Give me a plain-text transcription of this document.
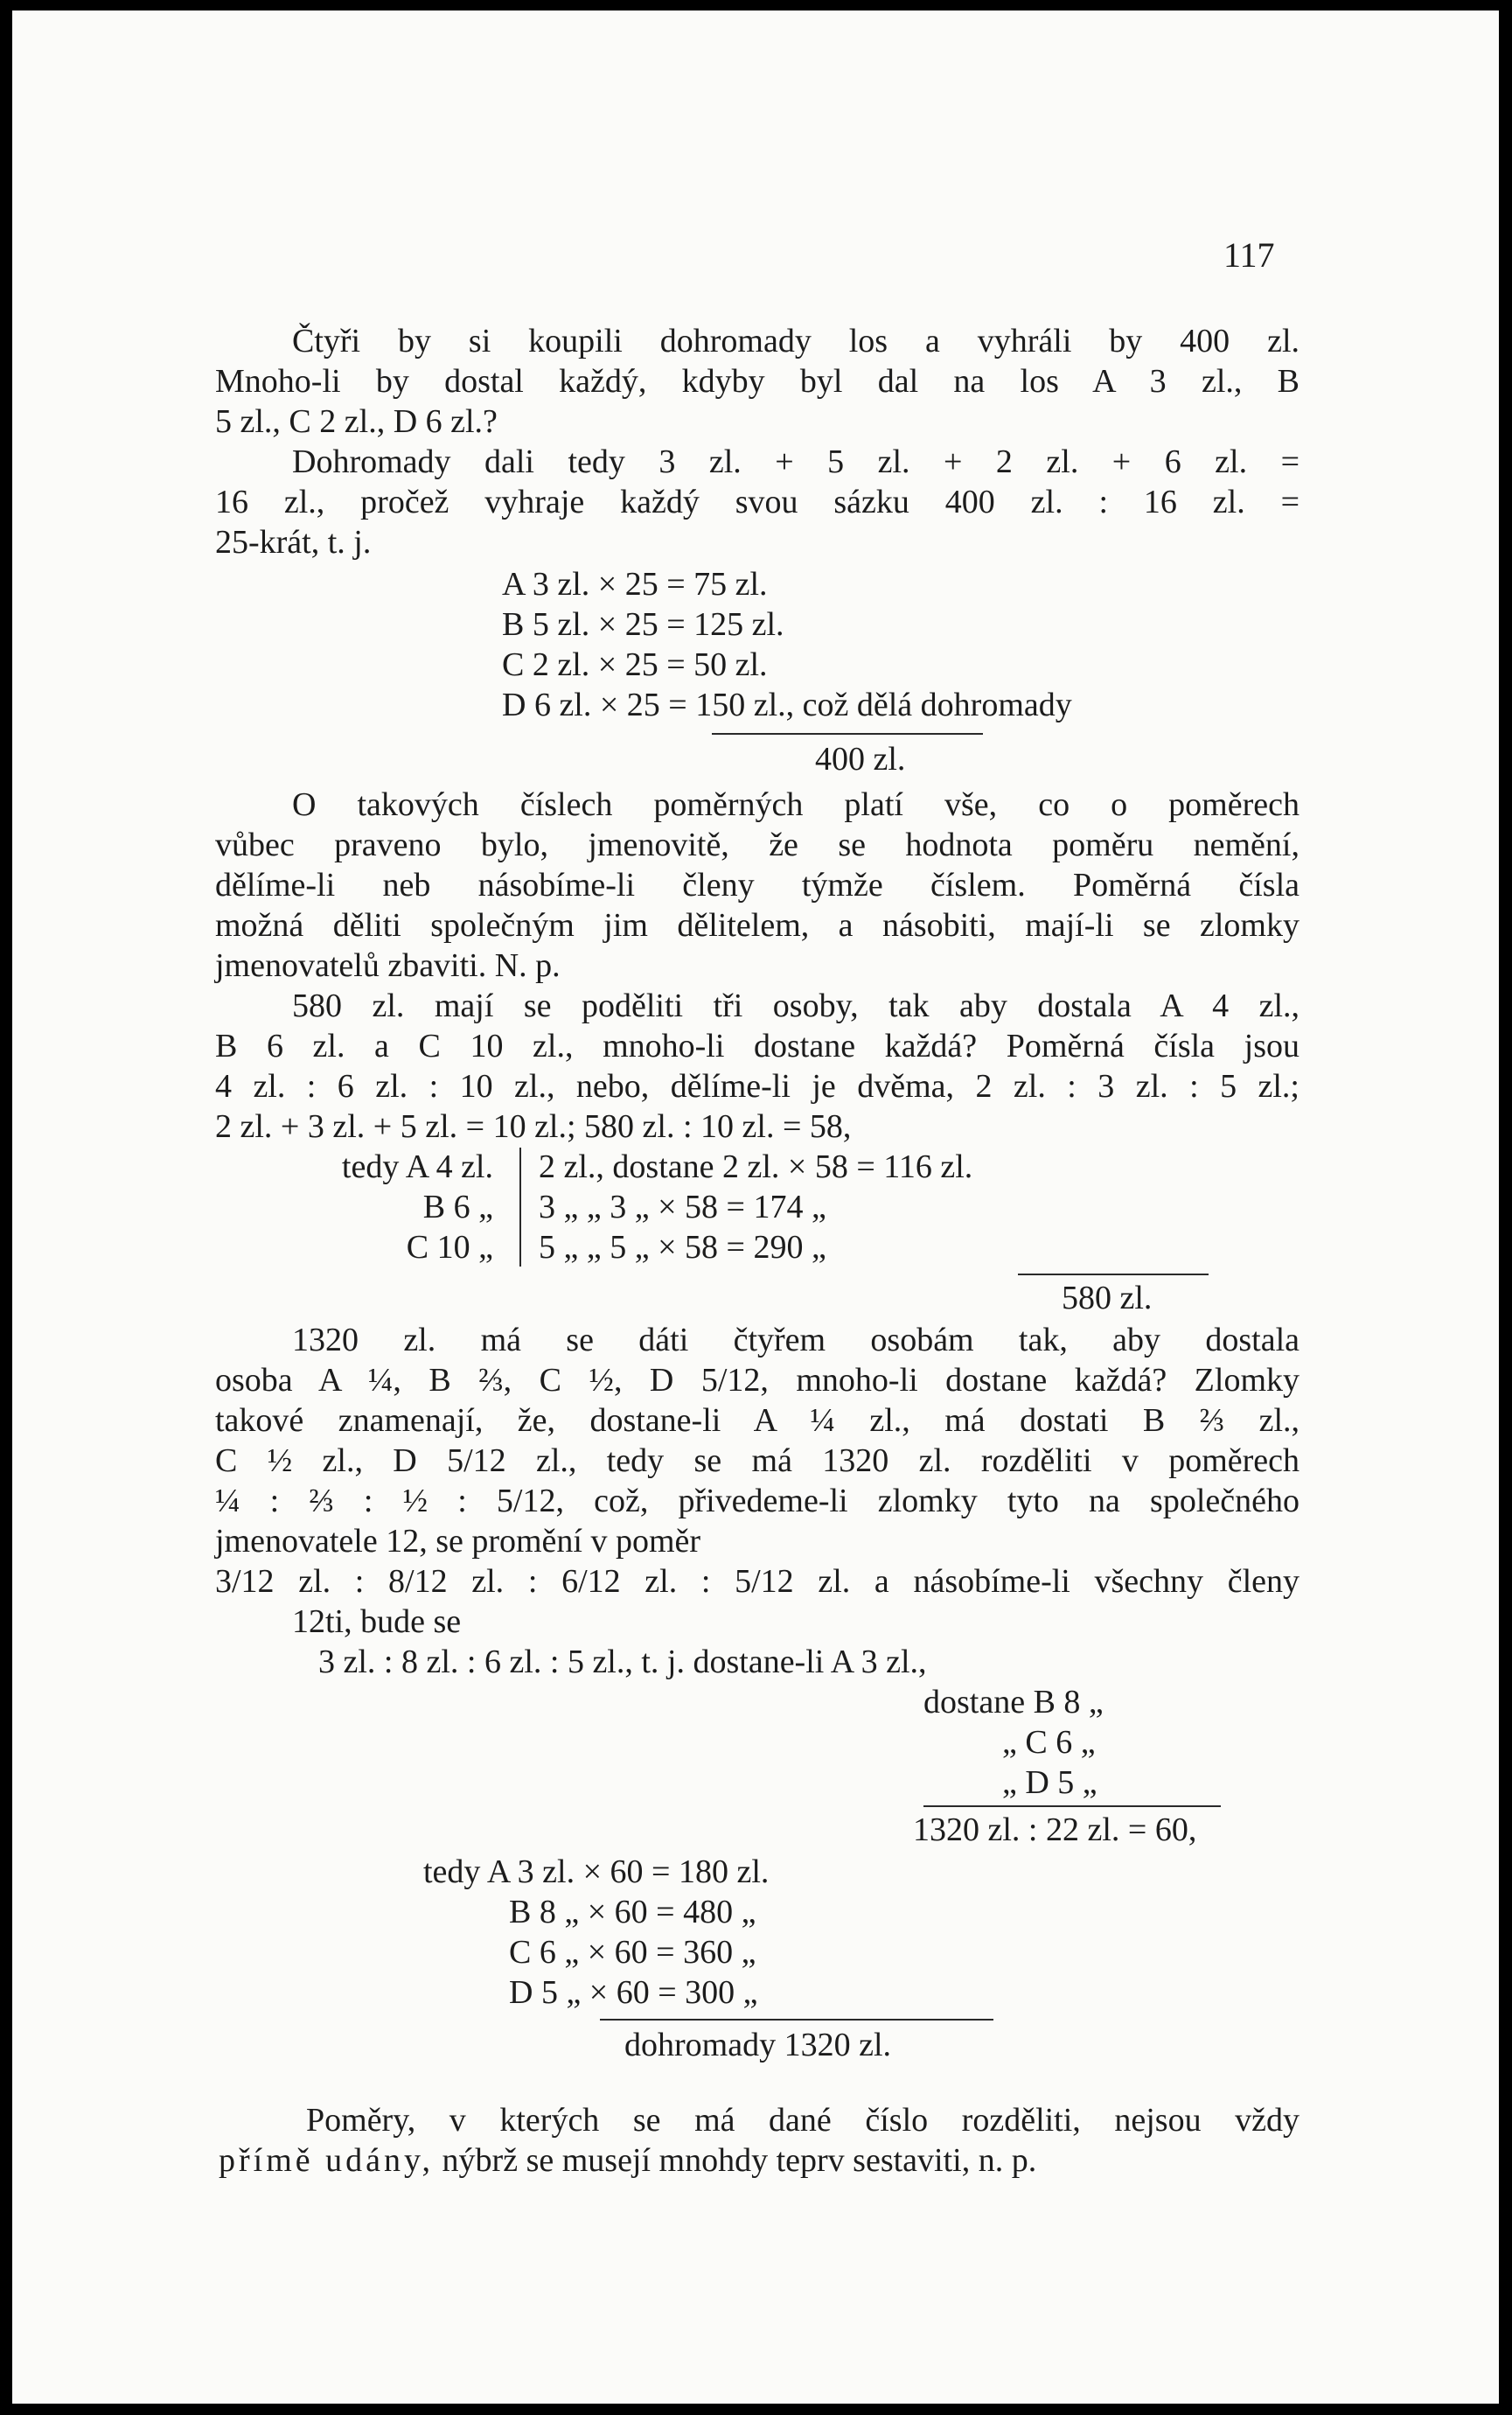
117
Čtyři by si koupili dohromady los a vyhráli by 400 zl.
Mnoho-li by dostal každý, kdyby byl dal na los A 3 zl., B
5 zl., C 2 zl., D 6 zl.?
Dohromady dali tedy 3 zl. + 5 zl. + 2 zl. + 6 zl. =
16 zl., pročež vyhraje každý svou sázku 400 zl. : 16 zl. =
25-krát, t. j.
A 3 zl. × 25 = 75 zl.
B 5 zl. × 25 = 125 zl.
C 2 zl. × 25 = 50 zl.
D 6 zl. × 25 = 150 zl., což dělá dohromady
400 zl.
O takových číslech poměrných platí vše, co o poměrech
vůbec praveno bylo, jmenovitě, že se hodnota poměru nemění,
dělíme-li neb násobíme-li členy týmže číslem. Poměrná čísla
možná děliti společným jim dělitelem, a násobiti, mají-li se zlomky
jmenovatelů zbaviti. N. p.
580 zl. mají se poděliti tři osoby, tak aby dostala A 4 zl.,
B 6 zl. a C 10 zl., mnoho-li dostane každá? Poměrná čísla jsou
4 zl. : 6 zl. : 10 zl., nebo, dělíme-li je dvěma, 2 zl. : 3 zl. : 5 zl.;
2 zl. + 3 zl. + 5 zl. = 10 zl.; 580 zl. : 10 zl. = 58,
tedy A 4 zl.
B 6 „
C 10 „
2 zl., dostane 2 zl. × 58 = 116 zl.
3 „ „ 3 „ × 58 = 174 „
5 „ „ 5 „ × 58 = 290 „
580 zl.
1320 zl. má se dáti čtyřem osobám tak, aby dostala
osoba A ¼, B ⅔, C ½, D 5/12, mnoho-li dostane každá? Zlomky
takové znamenají, že, dostane-li A ¼ zl., má dostati B ⅔ zl.,
C ½ zl., D 5/12 zl., tedy se má 1320 zl. rozděliti v poměrech
¼ : ⅔ : ½ : 5/12, což, přivedeme-li zlomky tyto na společného
jmenovatele 12, se promění v poměr
3/12 zl. : 8/12 zl. : 6/12 zl. : 5/12 zl. a násobíme-li všechny členy
12ti, bude se
3 zl. : 8 zl. : 6 zl. : 5 zl., t. j. dostane-li A 3 zl.,
dostane B 8 „
„ C 6 „
„ D 5 „
1320 zl. : 22 zl. = 60,
tedy A 3 zl. × 60 = 180 zl.
B 8 „ × 60 = 480 „
C 6 „ × 60 = 360 „
D 5 „ × 60 = 300 „
dohromady 1320 zl.
Poměry, v kterých se má dané číslo rozděliti, nejsou vždy
přímě udány, nýbrž se musejí mnohdy teprv sestaviti, n. p.
